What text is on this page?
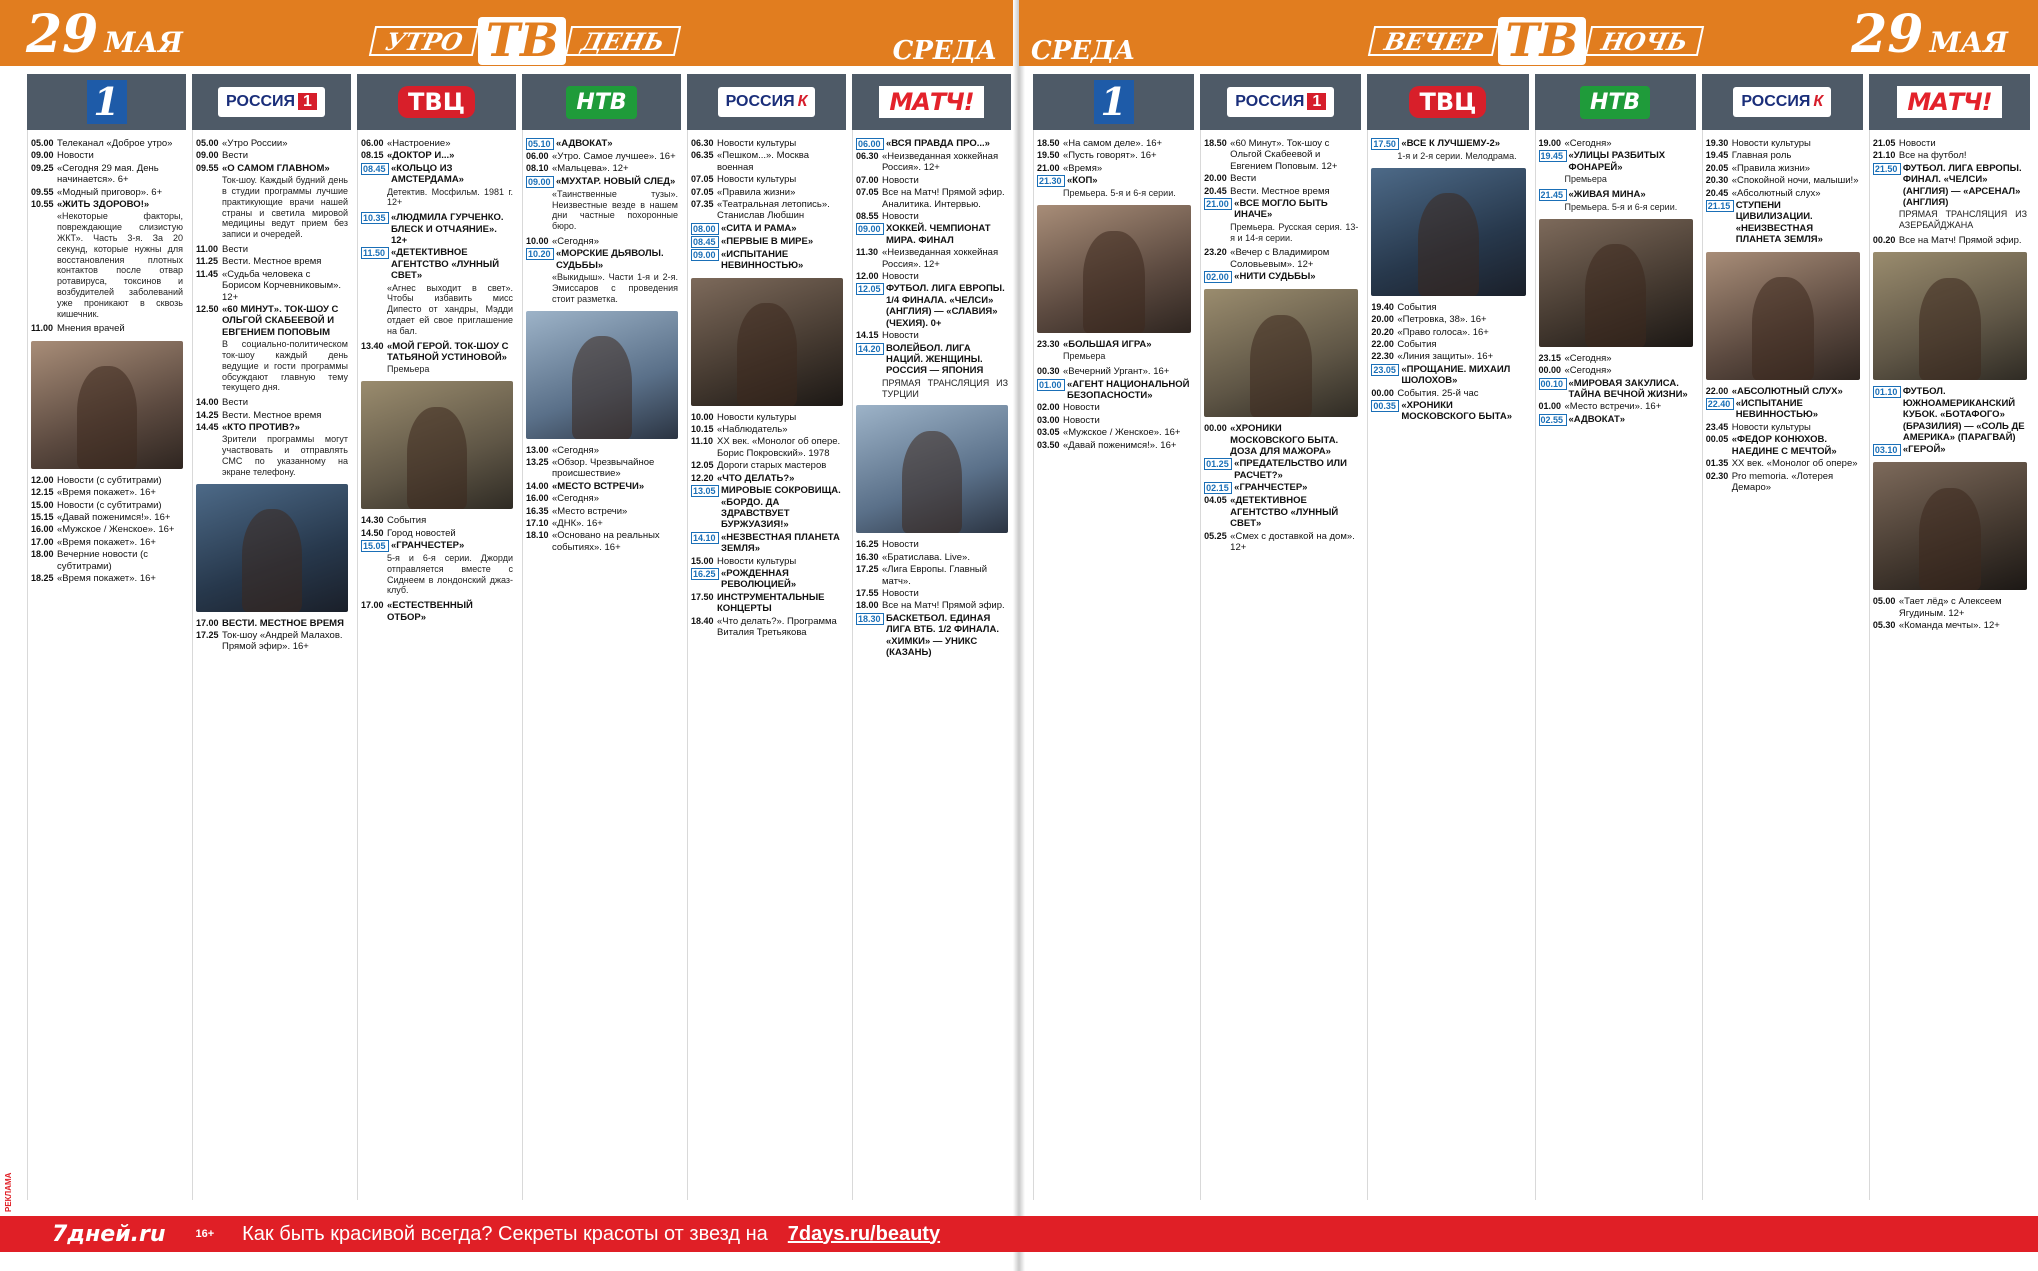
29 МАЯ	УТРО ТВ ДЕНЬ	СРЕДА
1
05.00 Телеканал «Доброе утро»
09.00 Новости
09.25 «Сегодня 29 мая. День начинается». 6+
09.55 «Модный приговор». 6+
10.55 «ЖИТЬ ЗДОРОВО!»
«Некоторые факторы, повреждающие слизистую ЖКТ». Часть 3-я. За 20 секунд, которые нужны для восстановления плотных контактов после отвар ротавируса, токсинов и возбудителей заболеваний уже проникают в сквозь кишечник.
11.00 Мнения врачей
12.00 Новости (с субтитрами)
12.15 «Время покажет». 16+
15.00 Новости (с субтитрами)
15.15 «Давай поженимся!». 16+
16.00 «Мужское / Женское». 16+
17.00 «Время покажет». 16+
18.00 Вечерние новости (с субтитрами)
18.25 «Время покажет». 16+
РОССИЯ 1
05.00 «Утро России»
09.00 Вести
09.55 «О САМОМ ГЛАВНОМ»
Ток-шоу. Каждый будний день в студии программы лучшие практикующие врачи нашей страны и светила мировой медицины ведут прием без записи и очередей.
11.00 Вести
11.25 Вести. Местное время
11.45 «Судьба человека с Борисом Корчевниковым». 12+
12.50 «60 МИНУТ». ТОК-ШОУ С ОЛЬГОЙ СКАБЕЕВОЙ И ЕВГЕНИЕМ ПОПОВЫМ
В социально-политическом ток-шоу каждый день ведущие и гости программы обсуждают главную тему текущего дня.
14.00 Вести
14.25 Вести. Местное время
14.45 «КТО ПРОТИВ?»
Зрители программы могут участвовать и отправлять СМС по указанному на экране телефону.
17.00 ВЕСТИ. МЕСТНОЕ ВРЕМЯ
17.25 Ток-шоу «Андрей Малахов. Прямой эфир». 16+
ТВЦ
06.00 «Настроение»
08.15 «ДОКТОР И...»
08.45 «КОЛЬЦО ИЗ АМСТЕРДАМА»
Детектив. Мосфильм. 1981 г. 12+
10.35 «ЛЮДМИЛА ГУРЧЕНКО. БЛЕСК И ОТЧАЯНИЕ». 12+
11.50 «ДЕТЕКТИВНОЕ АГЕНТСТВО «ЛУННЫЙ СВЕТ»
«Агнес выходит в свет». Чтобы избавить мисс Дипесто от хандры, Мэдди отдает ей свое приглашение на бал.
13.40 «МОЙ ГЕРОЙ. ТОК-ШОУ С ТАТЬЯНОЙ УСТИНОВОЙ»
Премьера
14.30 События
14.50 Город новостей
15.05 «ГРАНЧЕСТЕР»
5-я и 6-я серии. Джорди отправляется вместе с Сиднеем в лондонский джаз-клуб.
17.00 «ЕСТЕСТВЕННЫЙ ОТБОР»
НТВ
05.10 «АДВОКАТ»
06.00 «Утро. Самое лучшее». 16+
08.10 «Мальцева». 12+
09.00 «МУХТАР. НОВЫЙ СЛЕД»
«Таинственные тузы». Неизвестные везде в нашем дни частные похоронные бюро.
10.00 «Сегодня»
10.20 «МОРСКИЕ ДЬЯВОЛЫ. СУДЬБЫ»
«Выкидыш». Части 1-я и 2-я. Эмиссаров с проведения стоит разметка.
13.00 «Сегодня»
13.25 «Обзор. Чрезвычайное происшествие»
14.00 «МЕСТО ВСТРЕЧИ»
16.00 «Сегодня»
16.35 «Место встречи»
17.10 «ДНК». 16+
18.10 «Основано на реальных событиях». 16+
РОССИЯ К
06.30 Новости культуры
06.35 «Пешком...». Москва военная
07.05 Новости культуры
07.05 «Правила жизни»
07.35 «Театральная летопись». Станислав Любшин
08.00 «СИТА И РАМА»
08.45 «ПЕРВЫЕ В МИРЕ»
09.00 «ИСПЫТАНИЕ НЕВИННОСТЬЮ»
10.00 Новости культуры
10.15 «Наблюдатель»
11.10 ХХ век. «Монолог об опере. Борис Покровский». 1978
12.05 Дороги старых мастеров
12.20 «ЧТО ДЕЛАТЬ?»
13.05 МИРОВЫЕ СОКРОВИЩА. «БОРДО. ДА ЗДРАВСТВУЕТ БУРЖУАЗИЯ!»
14.10 «НЕЗВЕСТНАЯ ПЛАНЕТА ЗЕМЛЯ»
15.00 Новости культуры
16.25 «РОЖДЕННАЯ РЕВОЛЮЦИЕЙ»
17.50 ИНСТРУМЕНТАЛЬНЫЕ КОНЦЕРТЫ
18.40 «Что делать?». Программа Виталия Третьякова
МАТЧ!
06.00 «ВСЯ ПРАВДА ПРО...»
06.30 «Неизведанная хоккейная Россия». 12+
07.00 Новости
07.05 Все на Матч! Прямой эфир. Аналитика. Интервью.
08.55 Новости
09.00 ХОККЕЙ. ЧЕМПИОНАТ МИРА. ФИНАЛ
11.30 «Неизведанная хоккейная Россия». 12+
12.00 Новости
12.05 ФУТБОЛ. ЛИГА ЕВРОПЫ. 1/4 ФИНАЛА. «ЧЕЛСИ» (АНГЛИЯ) — «СЛАВИЯ» (ЧЕХИЯ). 0+
14.15 Новости
14.20 ВОЛЕЙБОЛ. ЛИГА НАЦИЙ. ЖЕНЩИНЫ. РОССИЯ — ЯПОНИЯ
ПРЯМАЯ ТРАНСЛЯЦИЯ ИЗ ТУРЦИИ
16.25 Новости
16.30 «Братислава. Live».
17.25 «Лига Европы. Главный матч».
17.55 Новости
18.00 Все на Матч! Прямой эфир.
18.30 БАСКЕТБОЛ. ЕДИНАЯ ЛИГА ВТБ. 1/2 ФИНАЛА. «ХИМКИ» — УНИКС (КАЗАНЬ)
СРЕДА	ВЕЧЕР ТВ НОЧЬ	29 МАЯ
1
18.50 «На самом деле». 16+
19.50 «Пусть говорят». 16+
21.00 «Время»
21.30 «КОП»
Премьера. 5-я и 6-я серии.
23.30 «БОЛЬШАЯ ИГРА»
Премьера
00.30 «Вечерний Ургант». 16+
01.00 «АГЕНТ НАЦИОНАЛЬНОЙ БЕЗОПАСНОСТИ»
02.00 Новости
03.00 Новости
03.05 «Мужское / Женское». 16+
03.50 «Давай поженимся!». 16+
РОССИЯ 1
18.50 «60 Минут». Ток-шоу с Ольгой Скабеевой и Евгением Поповым. 12+
20.00 Вести
20.45 Вести. Местное время
21.00 «ВСЕ МОГЛО БЫТЬ ИНАЧЕ»
Премьера. Русская серия. 13-я и 14-я серии.
23.20 «Вечер с Владимиром Соловьевым». 12+
02.00 «НИТИ СУДЬБЫ»
00.00 «ХРОНИКИ МОСКОВСКОГО БЫТА. ДОЗА ДЛЯ МАЖОРА»
01.25 «ПРЕДАТЕЛЬСТВО ИЛИ РАСЧЕТ?»
02.15 «ГРАНЧЕСТЕР»
04.05 «ДЕТЕКТИВНОЕ АГЕНТСТВО «ЛУННЫЙ СВЕТ»
05.25 «Смех с доставкой на дом». 12+
ТВЦ
17.50 «ВСЕ К ЛУЧШЕМУ-2»
1-я и 2-я серии. Мелодрама.
19.40 События
20.00 «Петровка, 38». 16+
20.20 «Право голоса». 16+
22.00 События
22.30 «Линия защиты». 16+
23.05 «ПРОЩАНИЕ. МИХАИЛ ШОЛОХОВ»
00.00 События. 25-й час
00.35 «ХРОНИКИ МОСКОВСКОГО БЫТА»
НТВ
19.00 «Сегодня»
19.45 «УЛИЦЫ РАЗБИТЫХ ФОНАРЕЙ»
Премьера
21.45 «ЖИВАЯ МИНА»
Премьера. 5-я и 6-я серии.
23.15 «Сегодня»
00.00 «Сегодня»
00.10 «МИРОВАЯ ЗАКУЛИСА. ТАЙНА ВЕЧНОЙ ЖИЗНИ»
01.00 «Место встречи». 16+
02.55 «АДВОКАТ»
РОССИЯ К
19.30 Новости культуры
19.45 Главная роль
20.05 «Правила жизни»
20.30 «Спокойной ночи, малыши!»
20.45 «Абсолютный слух»
21.15 СТУПЕНИ ЦИВИЛИЗАЦИИ. «НЕИЗВЕСТНАЯ ПЛАНЕТА ЗЕМЛЯ»
22.00 «АБСОЛЮТНЫЙ СЛУХ»
22.40 «ИСПЫТАНИЕ НЕВИННОСТЬЮ»
23.45 Новости культуры
00.05 «ФЕДОР КОНЮХОВ. НАЕДИНЕ С МЕЧТОЙ»
01.35 ХХ век. «Монолог об опере»
02.30 Pro memoria. «Лотерея Демаро»
МАТЧ!
21.05 Новости
21.10 Все на футбол!
21.50 ФУТБОЛ. ЛИГА ЕВРОПЫ. ФИНАЛ. «ЧЕЛСИ» (АНГЛИЯ) — «АРСЕНАЛ» (АНГЛИЯ)
ПРЯМАЯ ТРАНСЛЯЦИЯ ИЗ АЗЕРБАЙДЖАНА
00.20 Все на Матч! Прямой эфир.
01.10 ФУТБОЛ. ЮЖНОАМЕРИКАНСКИЙ КУБОК. «БОТАФОГО» (БРАЗИЛИЯ) — «СОЛЬ ДЕ АМЕРИКА» (ПАРАГВАЙ)
03.10 «ГЕРОЙ»
05.00 «Тает лёд» с Алексеем Ягудиным. 12+
05.30 «Команда мечты». 12+
7дней.ru	16+ Как быть красивой всегда? Секреты красоты от звезд на 7days.ru/beauty
РЕКЛАМА
